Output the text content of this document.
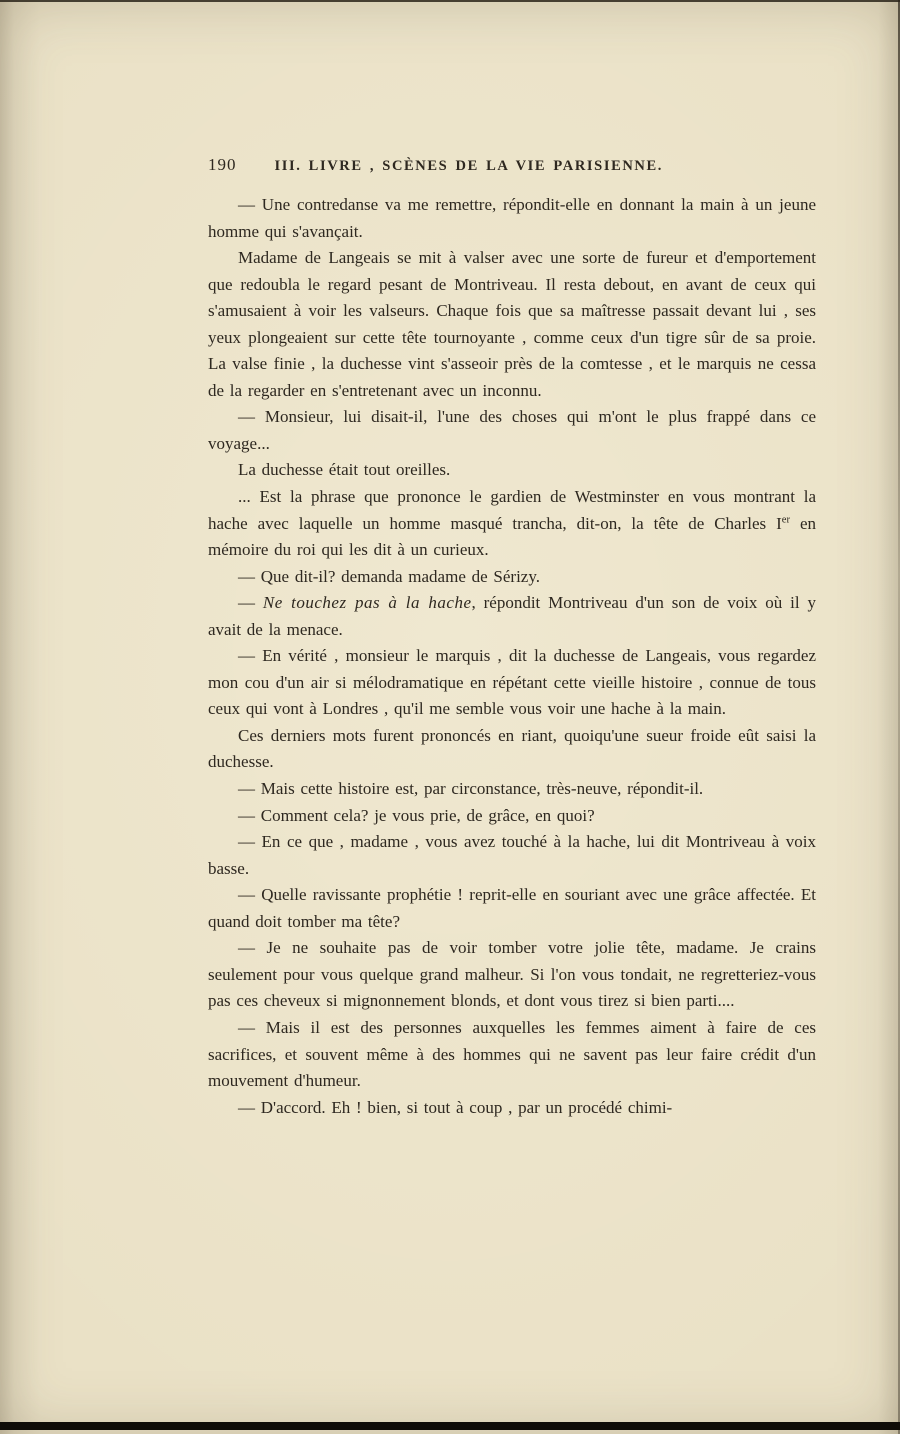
190	III. LIVRE , SCÈNES DE LA VIE PARISIENNE.

— Une contredanse va me remettre, répondit-elle en donnant la main à un jeune homme qui s'avançait.

Madame de Langeais se mit à valser avec une sorte de fureur et d'emportement que redoubla le regard pesant de Montriveau. Il resta debout, en avant de ceux qui s'amusaient à voir les valseurs. Chaque fois que sa maîtresse passait devant lui , ses yeux plongeaient sur cette tête tournoyante , comme ceux d'un tigre sûr de sa proie. La valse finie , la duchesse vint s'asseoir près de la comtesse , et le marquis ne cessa de la regarder en s'entretenant avec un inconnu.

— Monsieur, lui disait-il, l'une des choses qui m'ont le plus frappé dans ce voyage...

La duchesse était tout oreilles.

... Est la phrase que prononce le gardien de Westminster en vous montrant la hache avec laquelle un homme masqué trancha, dit-on, la tête de Charles Ier en mémoire du roi qui les dit à un curieux.

— Que dit-il? demanda madame de Sérizy.

— Ne touchez pas à la hache, répondit Montriveau d'un son de voix où il y avait de la menace.

— En vérité , monsieur le marquis , dit la duchesse de Langeais, vous regardez mon cou d'un air si mélodramatique en répétant cette vieille histoire , connue de tous ceux qui vont à Londres , qu'il me semble vous voir une hache à la main.

Ces derniers mots furent prononcés en riant, quoiqu'une sueur froide eût saisi la duchesse.

— Mais cette histoire est, par circonstance, très-neuve, répondit-il.

— Comment cela? je vous prie, de grâce, en quoi?

— En ce que , madame , vous avez touché à la hache, lui dit Montriveau à voix basse.

— Quelle ravissante prophétie ! reprit-elle en souriant avec une grâce affectée. Et quand doit tomber ma tête?

— Je ne souhaite pas de voir tomber votre jolie tête, madame. Je crains seulement pour vous quelque grand malheur. Si l'on vous tondait, ne regretteriez-vous pas ces cheveux si mignonnement blonds, et dont vous tirez si bien parti....

— Mais il est des personnes auxquelles les femmes aiment à faire de ces sacrifices, et souvent même à des hommes qui ne savent pas leur faire crédit d'un mouvement d'humeur.

— D'accord. Eh ! bien, si tout à coup , par un procédé chimi-
